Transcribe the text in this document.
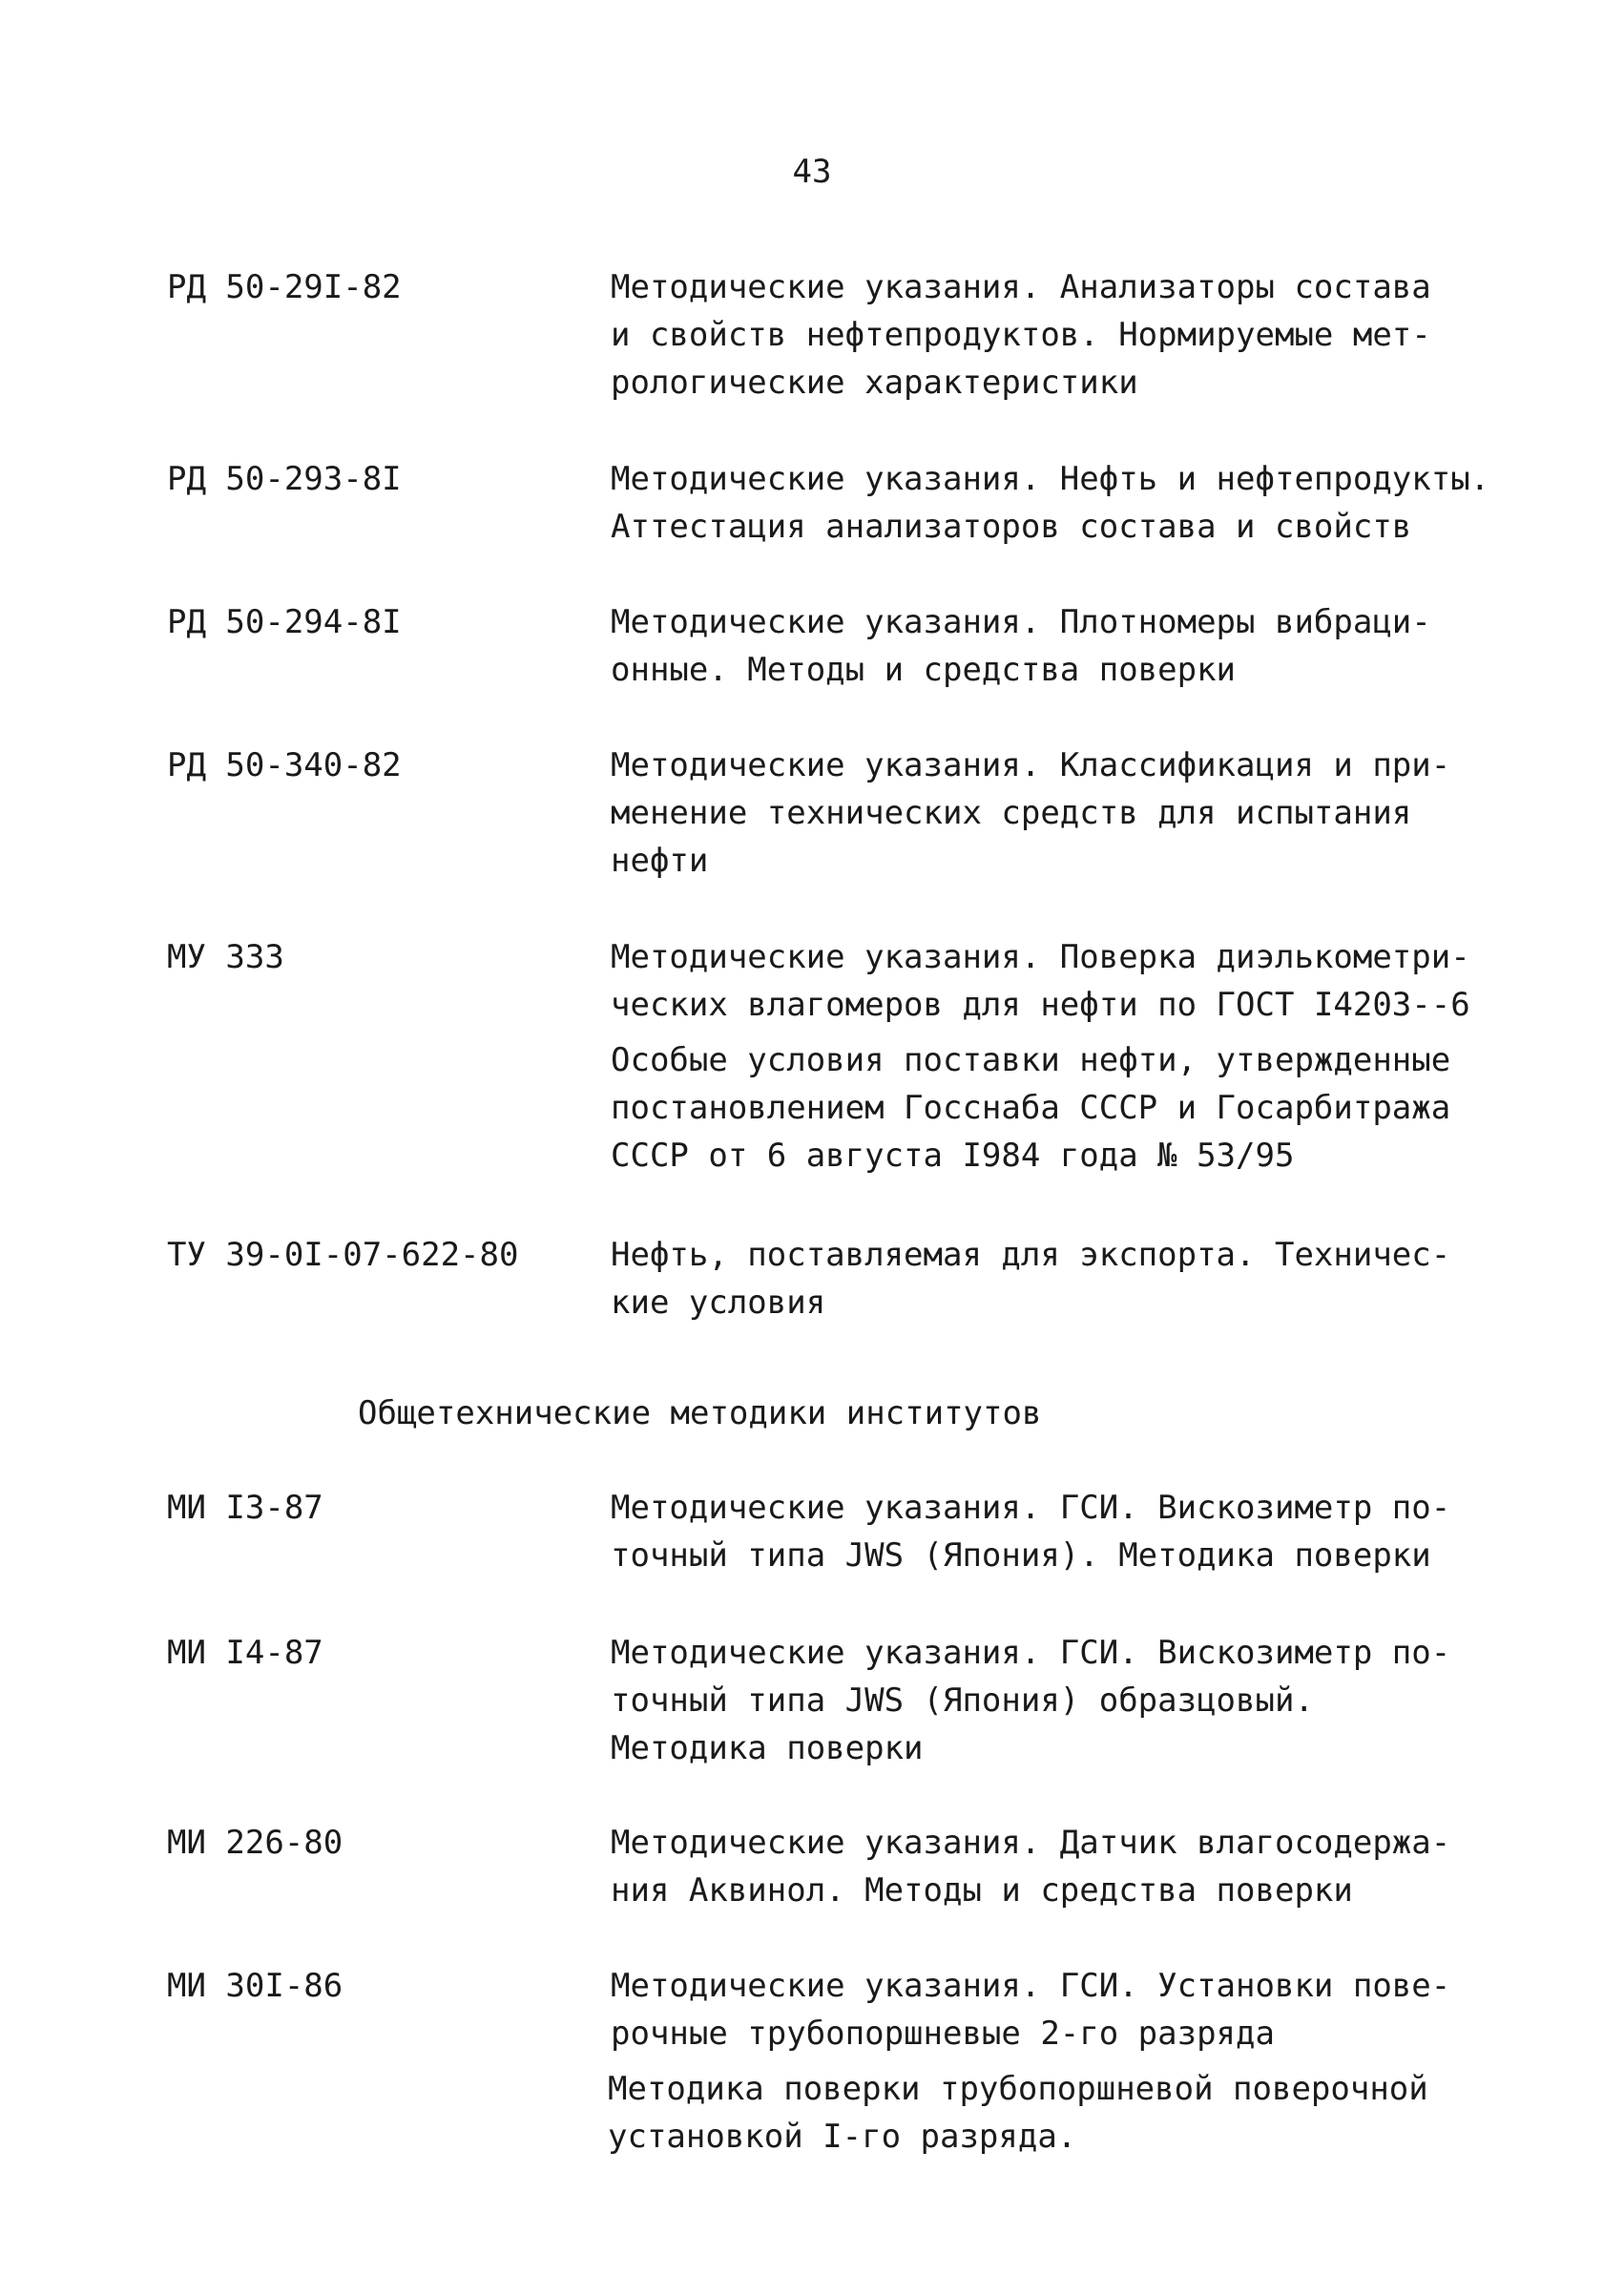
43
РД 50-29I-82	Методические указания. Анализаторы состава
и свойств нефтепродуктов. Нормируемые мет-
рологические характеристики
РД 50-293-8I	Методические указания. Нефть и нефтепродукты.
Аттестация анализаторов состава и свойств
РД 50-294-8I	Методические указания. Плотномеры вибраци-
онные. Методы и средства поверки
РД 50-340-82	Методические указания. Классификация и при-
менение технических средств для испытания
нефти
МУ 333	Методические указания. Поверка диэлькометри-
ческих влагомеров для нефти по ГОСТ I4203--6
Особые условия поставки нефти, утвержденные
постановлением Госснаба СССР и Госарбитража
СССР от 6 августа I984 года № 53/95
ТУ 39-0I-07-622-80	Нефть, поставляемая для экспорта. Техничес-
кие условия
Общетехнические методики институтов
МИ I3-87	Методические указания. ГСИ. Вискозиметр по-
точный типа JWS (Япония). Методика поверки
МИ I4-87	Методические указания. ГСИ. Вискозиметр по-
точный типа JWS (Япония) образцовый.
Методика поверки
МИ 226-80	Методические указания. Датчик влагосодержа-
ния Аквинол. Методы и средства поверки
МИ 30I-86	Методические указания. ГСИ. Установки пове-
рочные трубопоршневые 2-го разряда
Методика поверки трубопоршневой поверочной
установкой I-го разряда.
